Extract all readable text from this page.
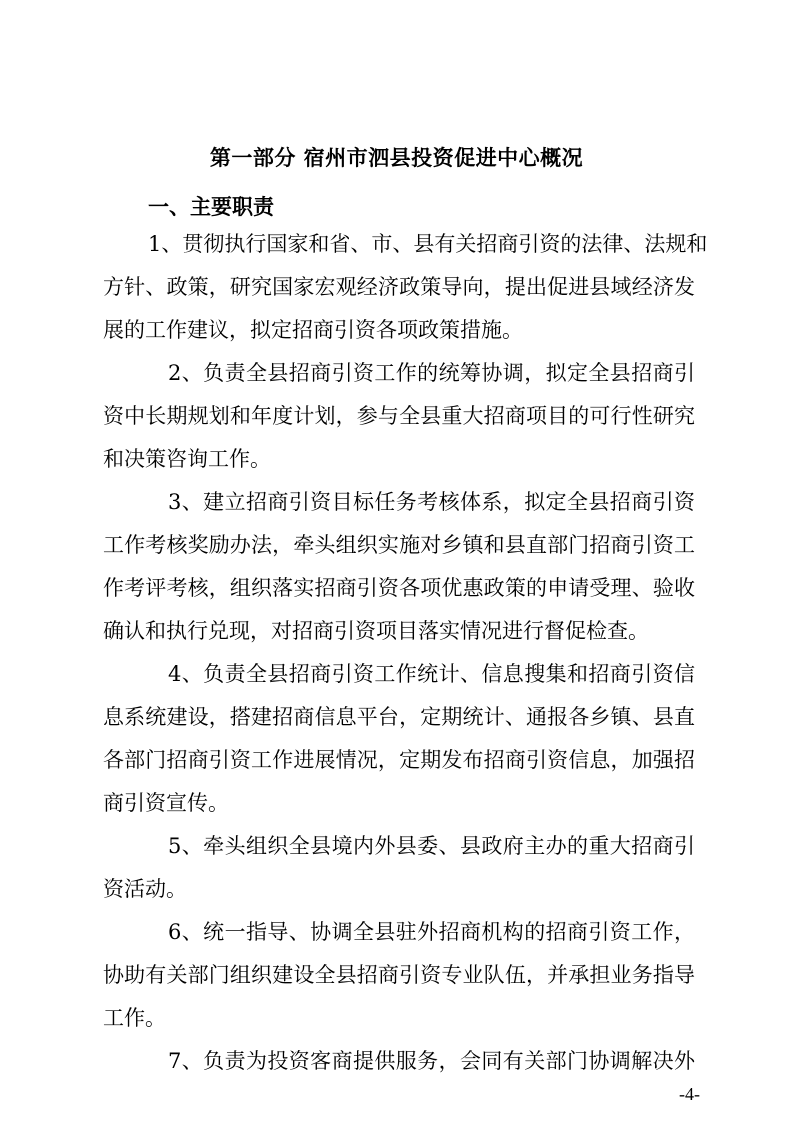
第一部分 宿州市泗县投资促进中心概况
一、主要职责
1、贯彻执行国家和省、市、县有关招商引资的法律、法规和
方针、政策，研究国家宏观经济政策导向，提出促进县域经济发
展的工作建议，拟定招商引资各项政策措施。
2、负责全县招商引资工作的统筹协调，拟定全县招商引
资中长期规划和年度计划，参与全县重大招商项目的可行性研究
和决策咨询工作。
3、建立招商引资目标任务考核体系，拟定全县招商引资
工作考核奖励办法，牵头组织实施对乡镇和县直部门招商引资工
作考评考核，组织落实招商引资各项优惠政策的申请受理、验收
确认和执行兑现，对招商引资项目落实情况进行督促检查。
4、负责全县招商引资工作统计、信息搜集和招商引资信
息系统建设，搭建招商信息平台，定期统计、通报各乡镇、县直
各部门招商引资工作进展情况，定期发布招商引资信息，加强招
商引资宣传。
5、牵头组织全县境内外县委、县政府主办的重大招商引
资活动。
6、统一指导、协调全县驻外招商机构的招商引资工作，
协助有关部门组织建设全县招商引资专业队伍，并承担业务指导
工作。
7、负责为投资客商提供服务，会同有关部门协调解决外
-4-
